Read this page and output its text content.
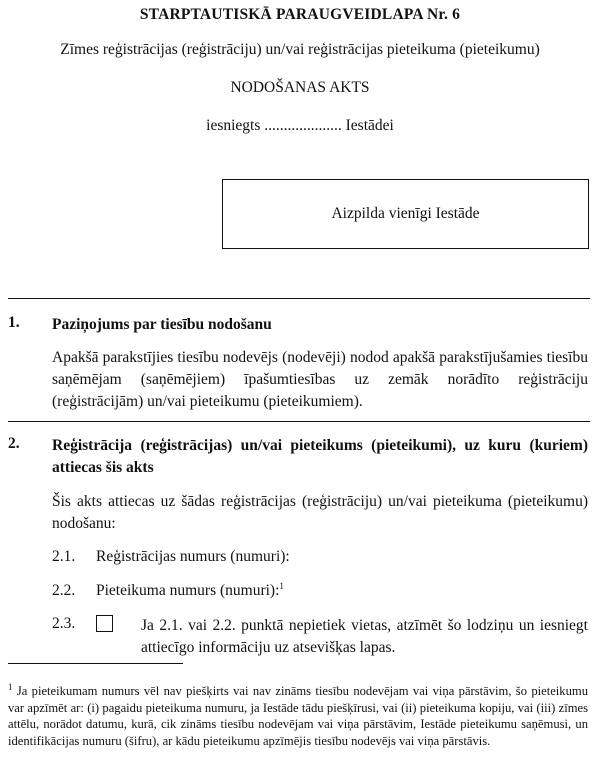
STARPTAUTISKĀ PARAUGVEIDLAPA Nr. 6
Zīmes reģistrācijas (reģistrāciju) un/vai reģistrācijas pieteikuma (pieteikumu)
NODOŠANAS AKTS
iesniegts .................... Iestādei
Aizpilda vienīgi Iestāde
1. Paziņojums par tiesību nodošanu
Apakšā parakstījies tiesību nodevējs (nodevēji) nodod apakšā parakstījušamies tiesību saņēmējam (saņēmējiem) īpašumtiesības uz zemāk norādīto reģistrāciju (reģistrācijām) un/vai pieteikumu (pieteikumiem).
2. Reģistrācija (reģistrācijas) un/vai pieteikums (pieteikumi), uz kuru (kuriem) attiecas šis akts
Šis akts attiecas uz šādas reģistrācijas (reģistrāciju) un/vai pieteikuma (pieteikumu) nodošanu:
2.1. Reģistrācijas numurs (numuri):
2.2. Pieteikuma numurs (numuri):$^1$
2.3.	Ja 2.1. vai 2.2. punktā nepietiek vietas, atzīmēt šo lodziņu un iesniegt attiecīgo informāciju uz atsevišķas lapas.
$^1$ Ja pieteikumam numurs vēl nav piešķirts vai nav zināms tiesību nodevējam vai viņa pārstāvim, šo pieteikumu var apzīmēt ar: (i) pagaidu pieteikuma numuru, ja Iestāde tādu piešķīrusi, vai (ii) pieteikuma kopiju, vai (iii) zīmes attēlu, norādot datumu, kurā, cik zināms tiesību nodevējam vai viņa pārstāvim, Iestāde pieteikumu saņēmusi, un identifikācijas numuru (šifru), ar kādu pieteikumu apzīmējis tiesību nodevējs vai viņa pārstāvis.
